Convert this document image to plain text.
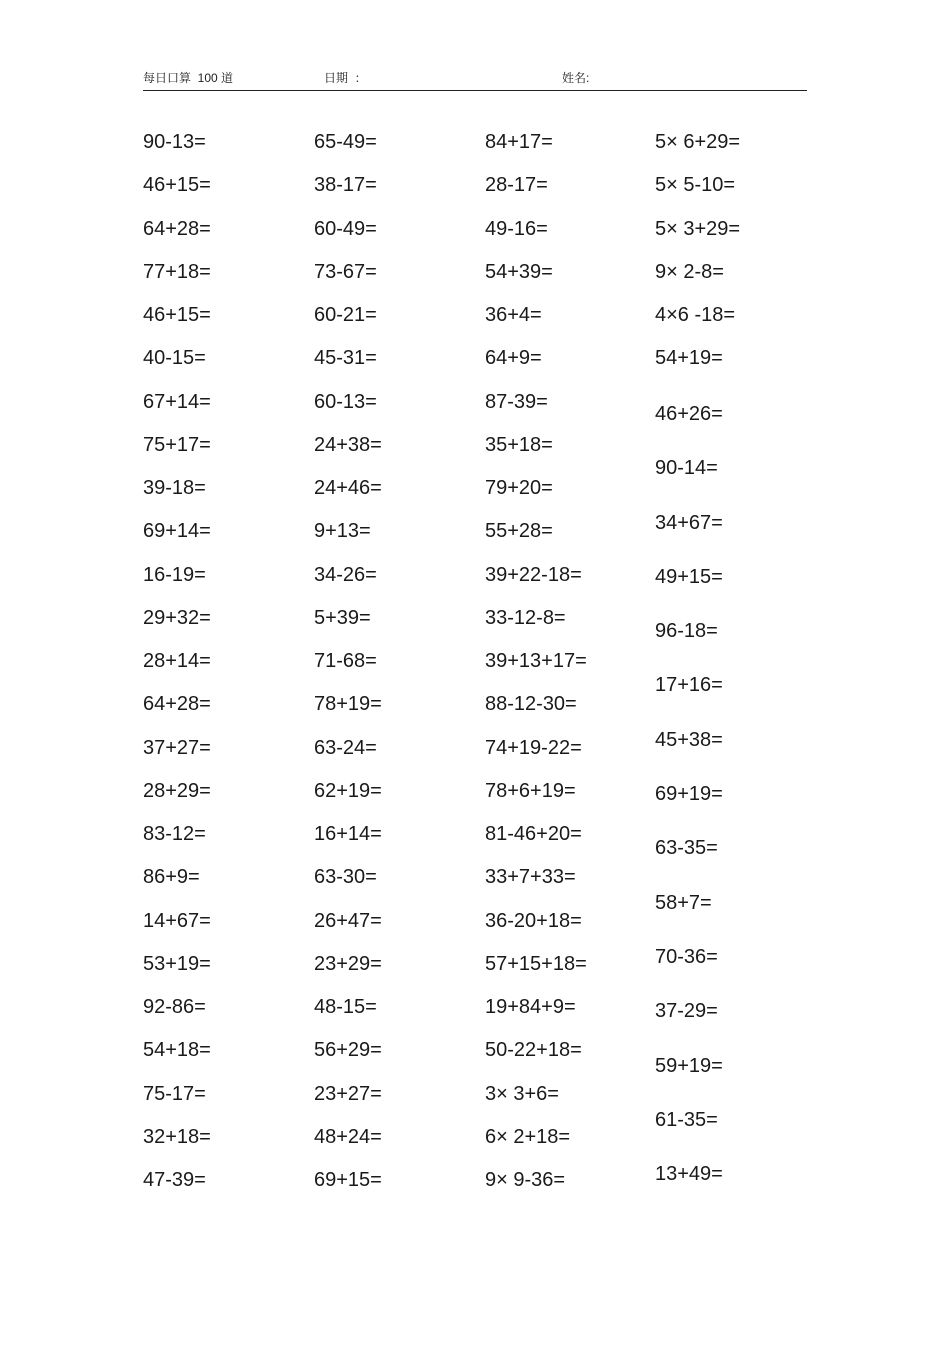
每日口算  100 道	日期  ：	姓名:
90-13=
46+15=
64+28=
77+18=
46+15=
40-15=
67+14=
75+17=
39-18=
69+14=
16-19=
29+32=
28+14=
64+28=
37+27=
28+29=
83-12=
86+9=
14+67=
53+19=
92-86=
54+18=
75-17=
32+18=
47-39=
65-49=
38-17=
60-49=
73-67=
60-21=
45-31=
60-13=
24+38=
24+46=
9+13=
34-26=
5+39=
71-68=
78+19=
63-24=
62+19=
16+14=
63-30=
26+47=
23+29=
48-15=
56+29=
23+27=
48+24=
69+15=
84+17=
28-17=
49-16=
54+39=
36+4=
64+9=
87-39=
35+18=
79+20=
55+28=
39+22-18=
33-12-8=
39+13+17=
88-12-30=
74+19-22=
78+6+19=
81-46+20=
33+7+33=
36-20+18=
57+15+18=
19+84+9=
50-22+18=
3× 3+6=
6× 2+18=
9× 9-36=
5× 6+29=
5× 5-10=
5× 3+29=
9× 2-8=
4×6 -18=
54+19=
46+26=
90-14=
34+67=
49+15=
96-18=
17+16=
45+38=
69+19=
63-35=
58+7=
70-36=
37-29=
59+19=
61-35=
13+49=
